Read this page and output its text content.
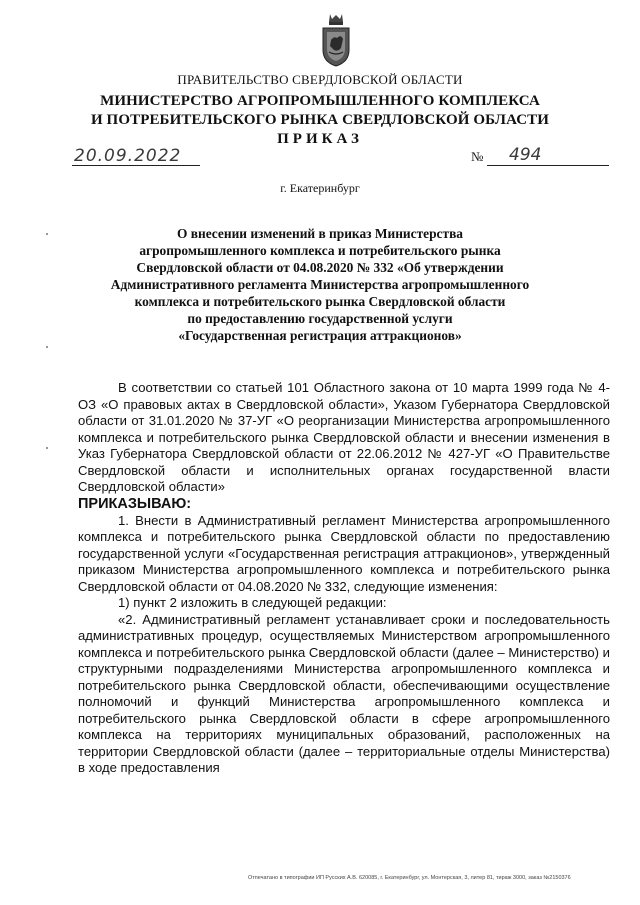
ПРАВИТЕЛЬСТВО СВЕРДЛОВСКОЙ ОБЛАСТИ
МИНИСТЕРСТВО АГРОПРОМЫШЛЕННОГО КОМПЛЕКСА
И ПОТРЕБИТЕЛЬСКОГО РЫНКА СВЕРДЛОВСКОЙ ОБЛАСТИ
ПРИКАЗ
20.09.2022	№ 494
г. Екатеринбург
О внесении изменений в приказ Министерства
агропромышленного комплекса и потребительского рынка
Свердловской области от 04.08.2020 № 332 «Об утверждении
Административного регламента Министерства агропромышленного
комплекса и потребительского рынка Свердловской области
по предоставлению государственной услуги
«Государственная регистрация аттракционов»

В соответствии со статьей 101 Областного закона от 10 марта 1999 года № 4-ОЗ «О правовых актах в Свердловской области», Указом Губернатора Свердловской области от 31.01.2020 № 37-УГ «О реорганизации Министерства агропромышленного комплекса и потребительского рынка Свердловской области и внесении изменения в Указ Губернатора Свердловской области от 22.06.2012 № 427-УГ «О Правительстве Свердловской области и исполнительных органах государственной власти Свердловской области»

ПРИКАЗЫВАЮ:

1. Внести в Административный регламент Министерства агропромышленного комплекса и потребительского рынка Свердловской области по предоставлению государственной услуги «Государственная регистрация аттракционов», утвержденный приказом Министерства агропромышленного комплекса и потребительского рынка Свердловской области от 04.08.2020 № 332, следующие изменения:

1) пункт 2 изложить в следующей редакции:

«2. Административный регламент устанавливает сроки и последовательность административных процедур, осуществляемых Министерством агропромышленного комплекса и потребительского рынка Свердловской области (далее – Министерство) и структурными подразделениями Министерства агропромышленного комплекса и потребительского рынка Свердловской области, обеспечивающими осуществление полномочий и функций Министерства агропромышленного комплекса и потребительского рынка Свердловской области в сфере агропромышленного комплекса на территориях муниципальных образований, расположенных на территории Свердловской области (далее – территориальные отделы Министерства) в ходе предоставления

Отпечатано в типографии ИП Русских А.В. 620085, г. Екатеринбург, ул. Монтерская, 3, литер 81, тираж 3000, заказ №2150376
